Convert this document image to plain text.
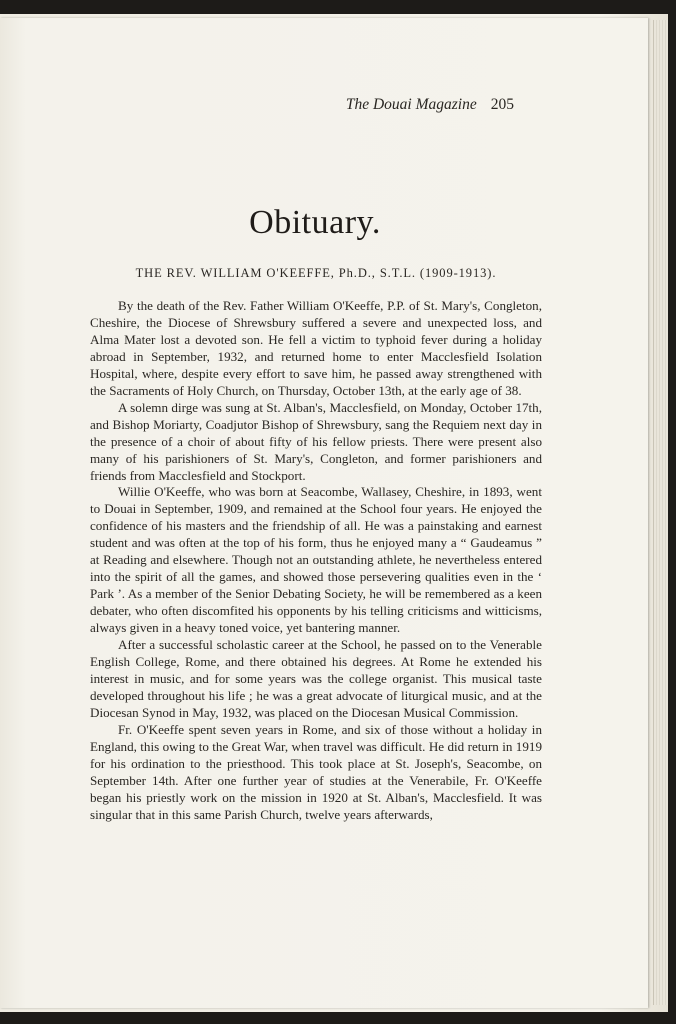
The Douai Magazine 205
Obituary.
THE REV. WILLIAM O'KEEFFE, Ph.D., S.T.L. (1909-1913).

By the death of the Rev. Father William O'Keeffe, P.P. of St. Mary's, Congleton, Cheshire, the Diocese of Shrewsbury suffered a severe and unexpected loss, and Alma Mater lost a devoted son. He fell a victim to typhoid fever during a holiday abroad in September, 1932, and returned home to enter Macclesfield Isolation Hospital, where, despite every effort to save him, he passed away strengthened with the Sacraments of Holy Church, on Thursday, October 13th, at the early age of 38.

A solemn dirge was sung at St. Alban's, Macclesfield, on Monday, October 17th, and Bishop Moriarty, Coadjutor Bishop of Shrewsbury, sang the Requiem next day in the presence of a choir of about fifty of his fellow priests. There were present also many of his parishioners of St. Mary's, Congleton, and former parishioners and friends from Macclesfield and Stockport.

Willie O'Keeffe, who was born at Seacombe, Wallasey, Cheshire, in 1893, went to Douai in September, 1909, and remained at the School four years. He enjoyed the confidence of his masters and the friendship of all. He was a painstaking and earnest student and was often at the top of his form, thus he enjoyed many a “ Gaudeamus ” at Reading and elsewhere. Though not an outstanding athlete, he nevertheless entered into the spirit of all the games, and showed those persevering qualities even in the ‘ Park ’. As a member of the Senior Debating Society, he will be remembered as a keen debater, who often discomfited his opponents by his telling criticisms and witticisms, always given in a heavy toned voice, yet bantering manner.

After a successful scholastic career at the School, he passed on to the Venerable English College, Rome, and there obtained his degrees. At Rome he extended his interest in music, and for some years was the college organist. This musical taste developed throughout his life ; he was a great advocate of liturgical music, and at the Diocesan Synod in May, 1932, was placed on the Diocesan Musical Commission.

Fr. O'Keeffe spent seven years in Rome, and six of those without a holiday in England, this owing to the Great War, when travel was difficult. He did return in 1919 for his ordination to the priesthood. This took place at St. Joseph's, Seacombe, on September 14th. After one further year of studies at the Venerabile, Fr. O'Keeffe began his priestly work on the mission in 1920 at St. Alban's, Macclesfield. It was singular that in this same Parish Church, twelve years afterwards,
